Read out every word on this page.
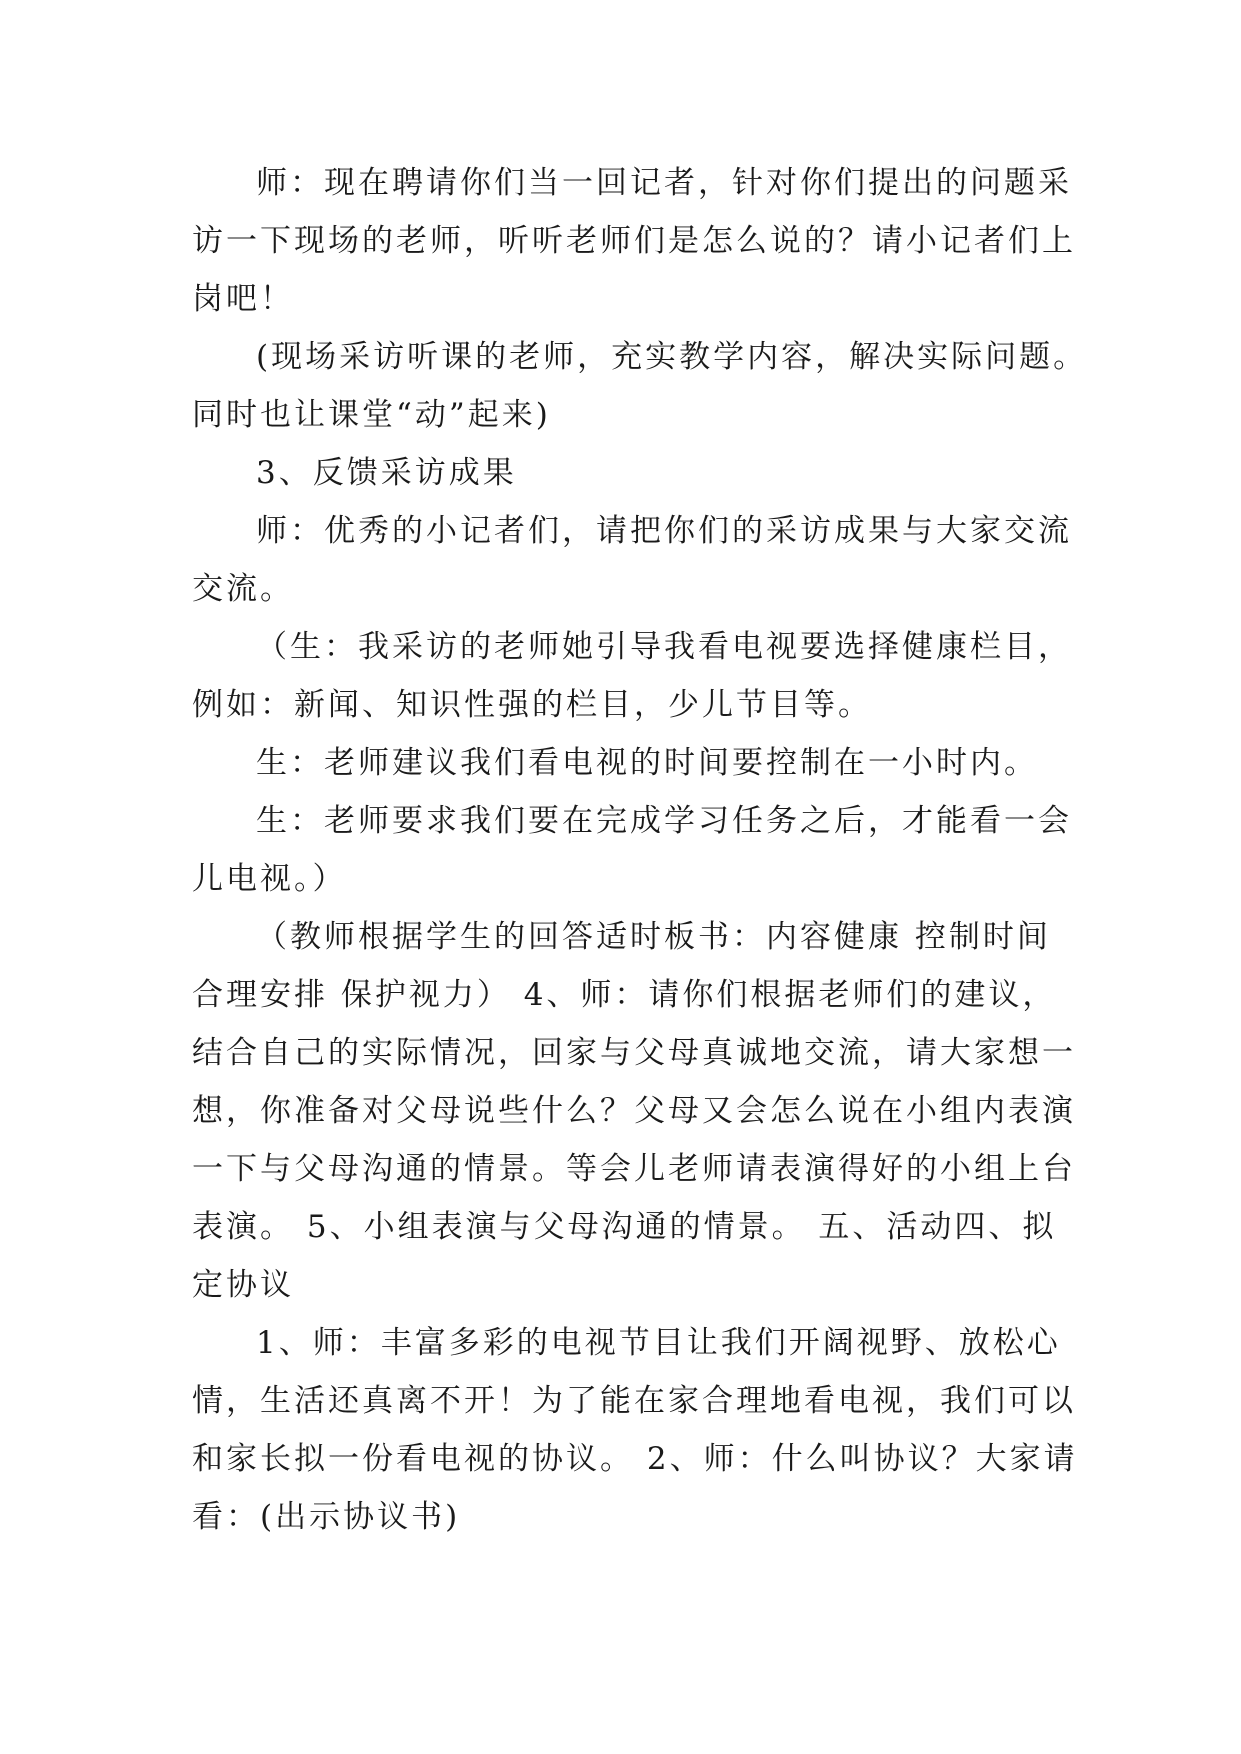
师：现在聘请你们当一回记者，针对你们提出的问题采

访一下现场的老师，听听老师们是怎么说的？请小记者们上

岗吧！

(现场采访听课的老师，充实教学内容，解决实际问题。

同时也让课堂“动”起来)

3、反馈采访成果

师：优秀的小记者们，请把你们的采访成果与大家交流

交流。

（生：我采访的老师她引导我看电视要选择健康栏目，

例如：新闻、知识性强的栏目，少儿节目等。

生：老师建议我们看电视的时间要控制在一小时内。

生：老师要求我们要在完成学习任务之后，才能看一会

儿电视。）

（教师根据学生的回答适时板书：内容健康 控制时间

合理安排 保护视力） 4、师：请你们根据老师们的建议，

结合自己的实际情况，回家与父母真诚地交流，请大家想一

想，你准备对父母说些什么？父母又会怎么说在小组内表演

一下与父母沟通的情景。等会儿老师请表演得好的小组上台

表演。 5、小组表演与父母沟通的情景。 五、活动四、拟

定协议

1、师：丰富多彩的电视节目让我们开阔视野、放松心

情，生活还真离不开！为了能在家合理地看电视，我们可以

和家长拟一份看电视的协议。 2、师：什么叫协议？大家请

看：(出示协议书)
